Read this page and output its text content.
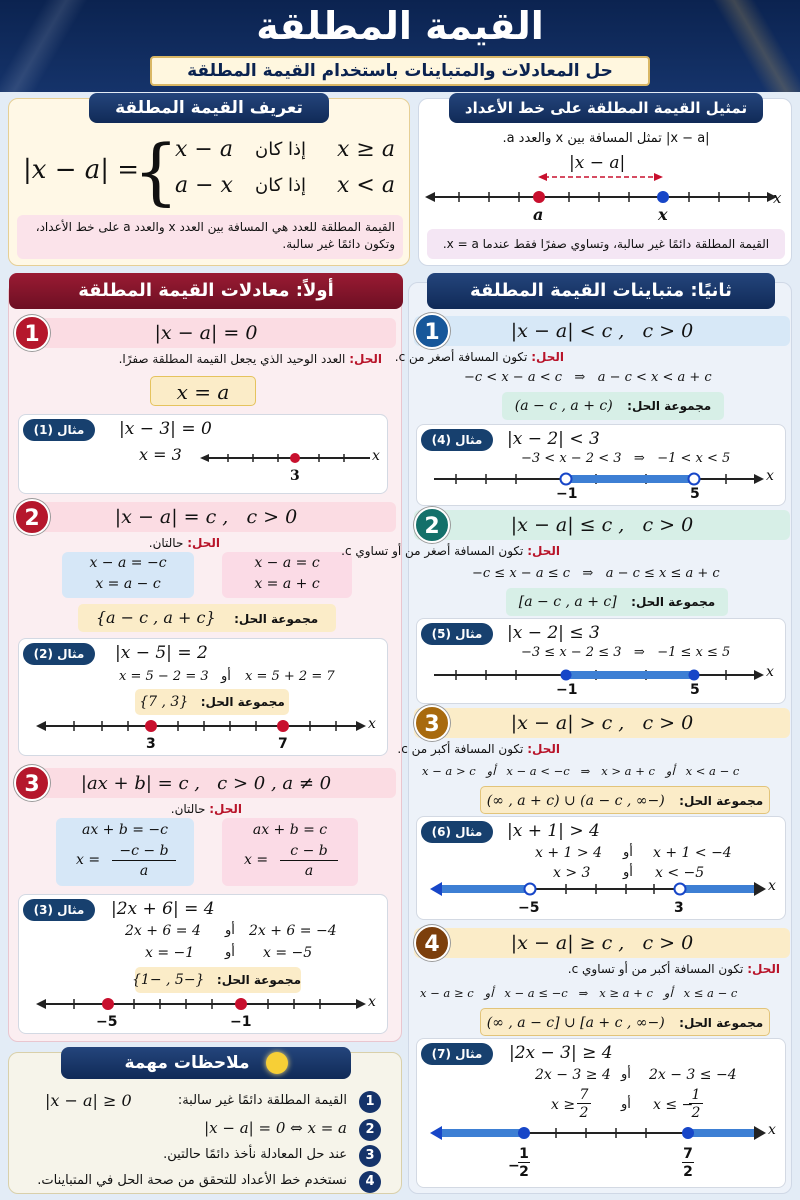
القيمة المطلقة
حل المعادلات والمتباينات باستخدام القيمة المطلقة
تعريف القيمة المطلقة
|x − a| =
{
x − a إذا كان x ≥ a
a − x إذا كان x < a
القيمة المطلقة للعدد هي المسافة بين العدد x والعدد a على خط الأعداد، وتكون دائمًا غير سالبة.
تمثيل القيمة المطلقة على خط الأعداد
|x − a| تمثل المسافة بين x والعدد a.
|x − a|
a	x
x
القيمة المطلقة دائمًا غير سالبة، وتساوي صفرًا فقط عندما x = a.
أولاً: معادلات القيمة المطلقة
|x − a| = 0
1
الحل: العدد الوحيد الذي يجعل القيمة المطلقة صفرًا.
x = a
مثال (1)	|x − 3| = 0
x = 3
3
x
|x − a| = c ,   c > 0
2
الحل: حالتان.
x − a = −c
x = a − c
x − a = c
x = a + c
مجموعة الحل: {a − c , a + c}
مثال (2)	|x − 5| = 2
x = 5 − 2 = 3 أو x = 5 + 2 = 7
مجموعة الحل: {3 , 7}
3	7
x
|ax + b| = c ,   c > 0 , a ≠ 0
3
الحل: حالتان.
ax + b = −c
x =
−c − b
a
ax + b = c
x =
c − b
a
مثال (3)	|2x + 6| = 4
2x + 6 = 4 أو 2x + 6 = −4
x = −1 أو x = −5
مجموعة الحل: {−5 , −1}
−5	−1
x
ملاحظات مهمة
1
القيمة المطلقة دائمًا غير سالبة:
|x − a| ≥ 0
2
|x − a| = 0 ⇔ x = a
3
عند حل المعادلة نأخذ دائمًا حالتين.
4
نستخدم خط الأعداد للتحقق من صحة الحل في المتباينات.
ثانيًا: متباينات القيمة المطلقة
|x − a| < c ,   c > 0
1
الحل: تكون المسافة أصغر من c.
−c < x − a < c   ⇒   a − c < x < a + c
مجموعة الحل: (a − c , a + c)
مثال (4)	|x − 2| < 3
−3 < x − 2 < 3   ⇒   −1 < x < 5
−1	5
x
|x − a| ≤ c ,   c > 0
2
الحل: تكون المسافة أصغر من أو تساوي c.
−c ≤ x − a ≤ c   ⇒   a − c ≤ x ≤ a + c
مجموعة الحل: [a − c , a + c]
مثال (5)	|x − 2| ≤ 3
−3 ≤ x − 2 ≤ 3   ⇒   −1 ≤ x ≤ 5
−1	5
x
|x − a| > c ,   c > 0
3
الحل: تكون المسافة أكبر من c.
x − a > c   أو   x − a < −c   ⇒   x > a + c   أو   x < a − c
مجموعة الحل: (−∞ , a − c) ∪ (a + c , ∞)
مثال (6)	|x + 1| > 4
x + 1 > 4 أو x + 1 < −4
x > 3	أو x < −5
−5	3
x
|x − a| ≥ c ,   c > 0
4
الحل: تكون المسافة أكبر من أو تساوي c.
x − a ≥ c   أو   x − a ≤ −c   ⇒   x ≥ a + c   أو   x ≤ a − c
مجموعة الحل: (−∞ , a − c] ∪ [a + c , ∞)
مثال (7)	|2x − 3| ≥ 4
2x − 3 ≥ 4 أو 2x − 3 ≤ −4
x ≥
7
2
أو x ≤ −
1
2
−
1
2
7
2
x
